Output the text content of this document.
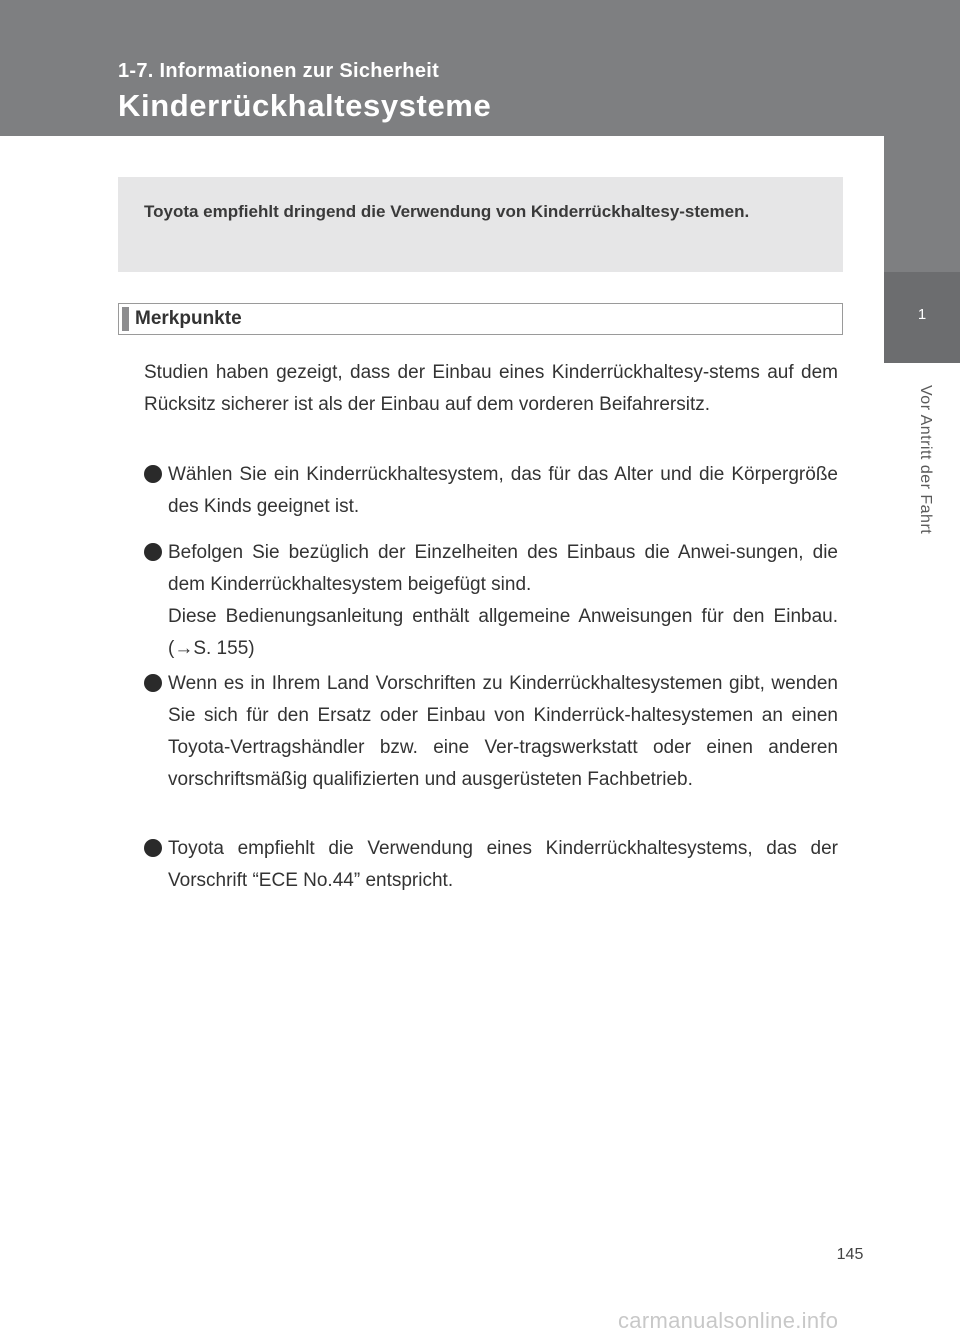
1-7. Informationen zur Sicherheit
Kinderrückhaltesysteme
1
Vor Antritt der Fahrt
Toyota empfiehlt dringend die Verwendung von Kinderrückhaltesy-stemen.
Merkpunkte
Studien haben gezeigt, dass der Einbau eines Kinderrückhaltesy-stems auf dem Rücksitz sicherer ist als der Einbau auf dem vorderen Beifahrersitz.
Wählen Sie ein Kinderrückhaltesystem, das für das Alter und die Körpergröße des Kinds geeignet ist.
Befolgen Sie bezüglich der Einzelheiten des Einbaus die Anwei-sungen, die dem Kinderrückhaltesystem beigefügt sind.
Diese Bedienungsanleitung enthält allgemeine Anweisungen für den Einbau. (→S. 155)
Wenn es in Ihrem Land Vorschriften zu Kinderrückhaltesystemen gibt, wenden Sie sich für den Ersatz oder Einbau von Kinderrück-haltesystemen an einen Toyota-Vertragshändler bzw. eine Ver-tragswerkstatt oder einen anderen vorschriftsmäßig qualifizierten und ausgerüsteten Fachbetrieb.
Toyota empfiehlt die Verwendung eines Kinderrückhaltesystems, das der Vorschrift “ECE No.44” entspricht.
145
carmanualsonline.info
